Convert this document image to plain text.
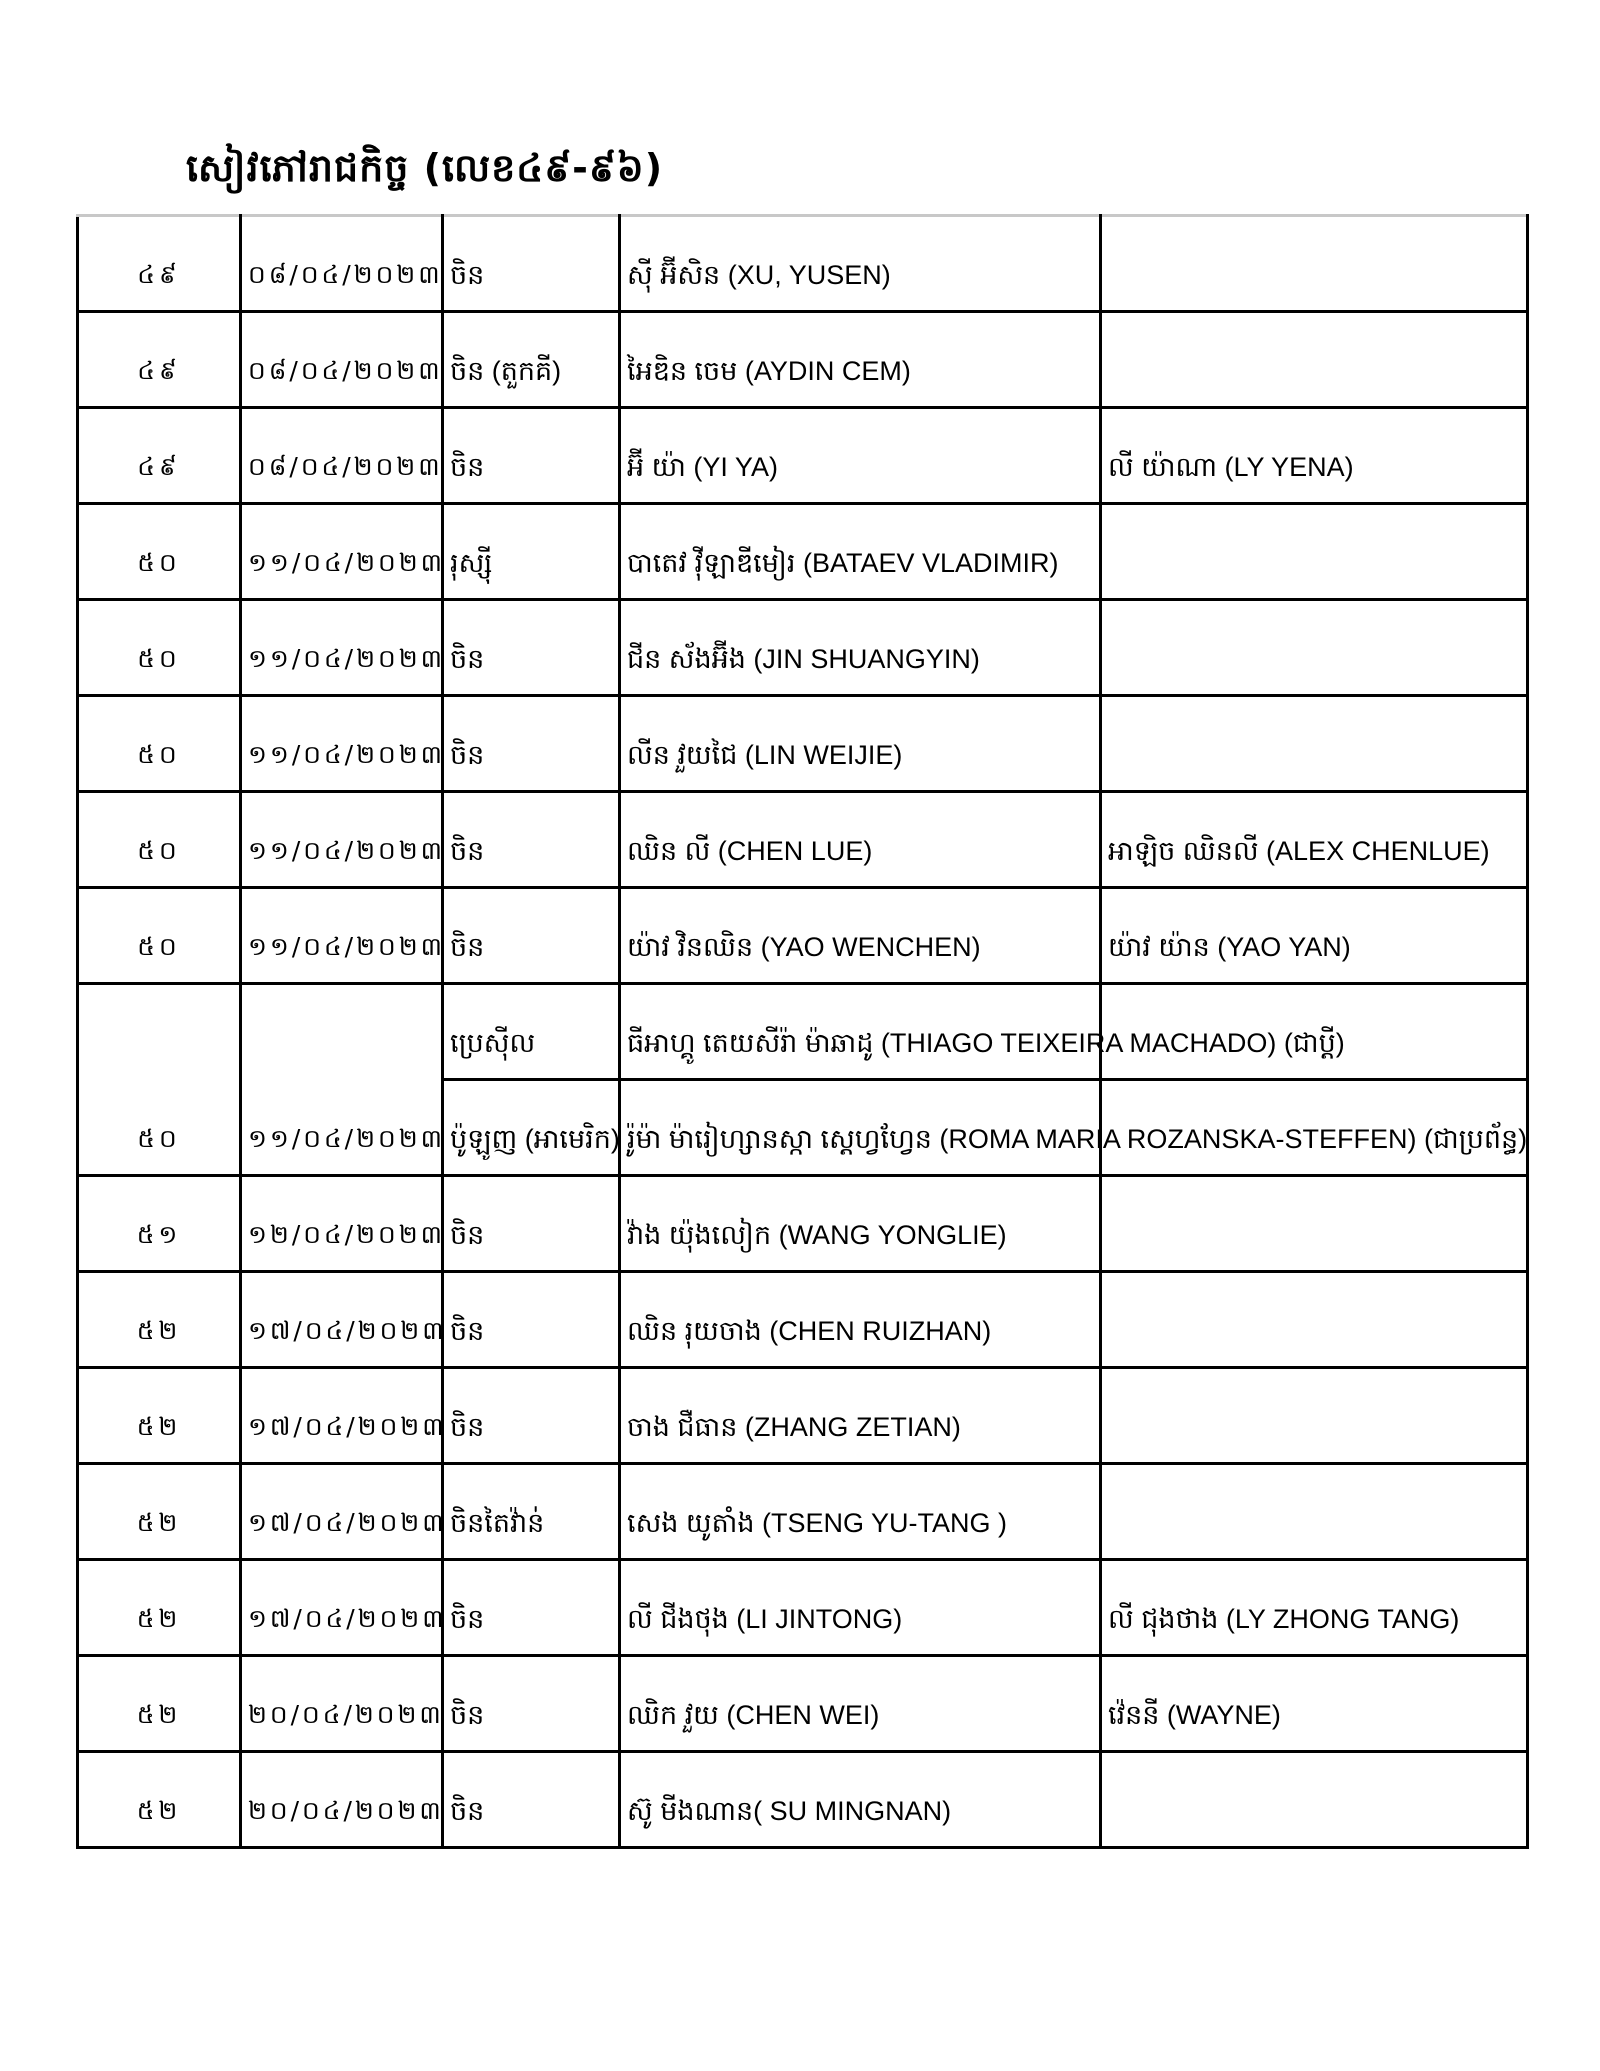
សៀវភៅរាជកិច្ច (លេខ៤៩-៩៦)
៤៩	០៨/០៤/២០២៣	ចិន	ស៊ី អ៊ីសិន (XU, YUSEN)	
៤៩	០៨/០៤/២០២៣	ចិន (តួកគី)	អៃឌិន ចេម (AYDIN CEM)	
៤៩	០៨/០៤/២០២៣	ចិន	អ៊ី យ៉ា (YI YA)	លី យ៉ាណា (LY YENA)
៥០	១១/០៤/២០២៣	រុស្ស៊ី	បាតេវ វ៉ីឡាឌីមៀរ (BATAEV VLADIMIR)	
៥០	១១/០៤/២០២៣	ចិន	ជីន ស័ងអ៊ីង (JIN SHUANGYIN)	
៥០	១១/០៤/២០២៣	ចិន	លីន វួយជៃ (LIN WEIJIE)	
៥០	១១/០៤/២០២៣	ចិន	ឈិន លី (CHEN LUE)	អាឡិច ឈិនលី (ALEX CHENLUE)
៥០	១១/០៤/២០២៣	ចិន	យ៉ាវ វិនឈិន (YAO WENCHEN)	យ៉ាវ យ៉ាន (YAO YAN)
៥០	១១/០៤/២០២៣	ប្រេស៊ីល	ធីអាហ្គូ តេយសីរ៉ា ម៉ាឆាដូ (THIAGO TEIXEIRA MACHADO) (ជាប្ដី)	
		ប៉ូឡូញ (អាមេរិក)	រ៉ូម៉ា ម៉ារៀហ្សានស្កា ស្តេហ្វហ្វែន (ROMA MARIA ROZANSKA-STEFFEN) (ជាប្រព័ន្ធ)	
៥១	១២/០៤/២០២៣	ចិន	វ៉ាង យ៉ុងលៀក (WANG YONGLIE)	
៥២	១៧/០៤/២០២៣	ចិន	ឈិន រុយចាង (CHEN RUIZHAN)	
៥២	១៧/០៤/២០២៣	ចិន	ចាង ជឺធាន (ZHANG ZETIAN)	
៥២	១៧/០៤/២០២៣	ចិនតៃវ៉ាន់	សេង យូតាំង (TSENG YU-TANG )	
៥២	១៧/០៤/២០២៣	ចិន	លី ជីងថុង (LI JINTONG)	លី ជុងថាង (LY ZHONG TANG)
៥២	២០/០៤/២០២៣	ចិន	ឈិក វួយ (CHEN WEI)	វ៉េននី (WAYNE)
៥២	២០/០៤/២០២៣	ចិន	ស៊ូ មីងណាន( SU MINGNAN)	
